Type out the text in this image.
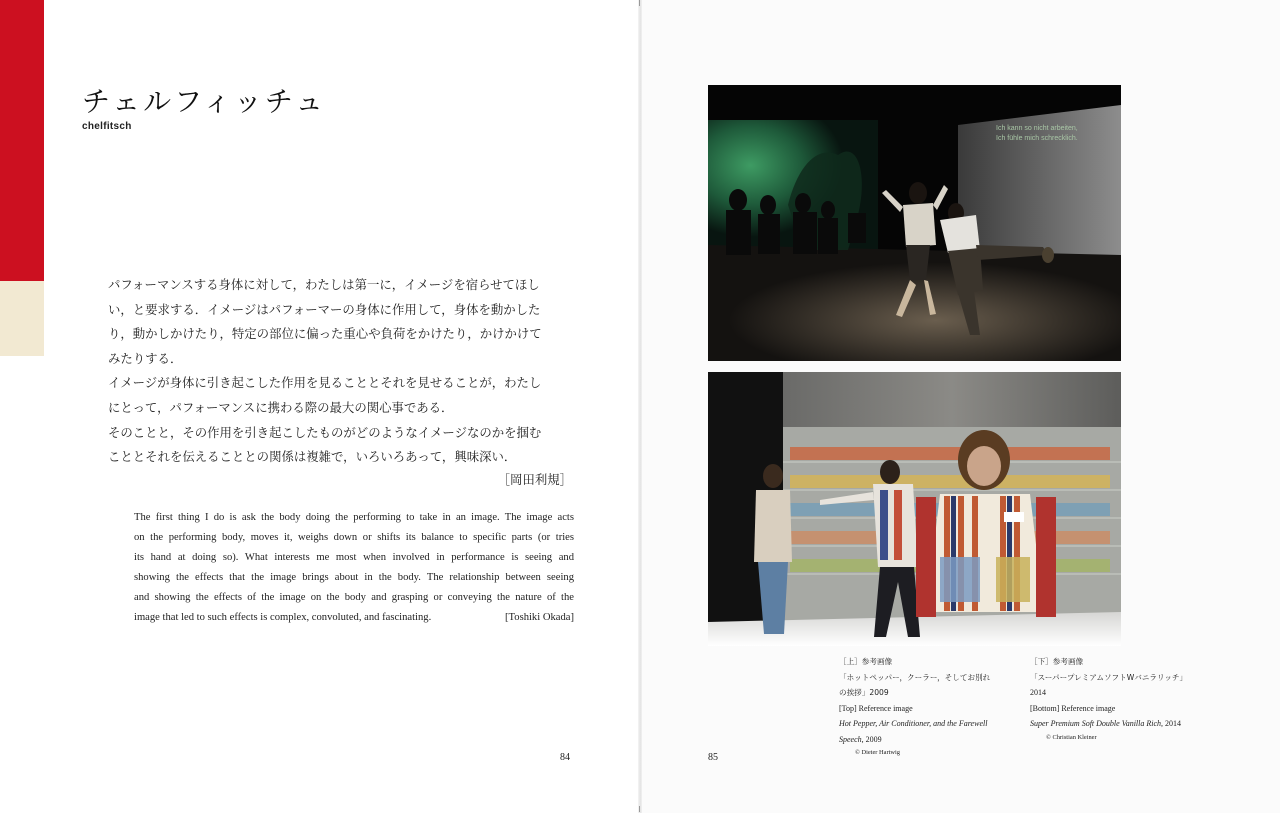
チェルフィッチュ
chelfitsch
パフォーマンスする身体に対して，わたしは第一に，イメージを宿らせてほし
い，と要求する．イメージはパフォーマーの身体に作用して，身体を動かした
り，動かしかけたり，特定の部位に偏った重心や負荷をかけたり，かけかけて
みたりする．
イメージが身体に引き起こした作用を見ることとそれを見せることが，わたし
にとって，パフォーマンスに携わる際の最大の関心事である．
そのことと，その作用を引き起こしたものがどのようなイメージなのかを掴む
こととそれを伝えることとの関係は複雑で，いろいろあって，興味深い．
［岡田利規］
The first thing I do is ask the body doing the performing to take in an image. The image acts
on the performing body, moves it, weighs down or shifts its balance to specific parts (or tries
its hand at doing so). What interests me most when involved in performance is seeing and
showing the effects that the image brings about in the body. The relationship between seeing
and showing the effects of the image on the body and grasping or conveying the nature of the
image that led to such effects is complex, convoluted, and fascinating.	[Toshiki Okada]
84
Ich kann so nicht arbeiten,
Ich fühle mich schrecklich.
［上］参考画像
「ホットペッパー，クーラー，そしてお別れ
の挨拶」2009
[Top] Reference image
Hot Pepper, Air Conditioner, and the Farewell
Speech, 2009
© Dieter Hartwig
［下］参考画像
「スーパープレミアムソフトWバニラリッチ」
2014
[Bottom] Reference image
Super Premium Soft Double Vanilla Rich, 2014
© Christian Kleiner
85
